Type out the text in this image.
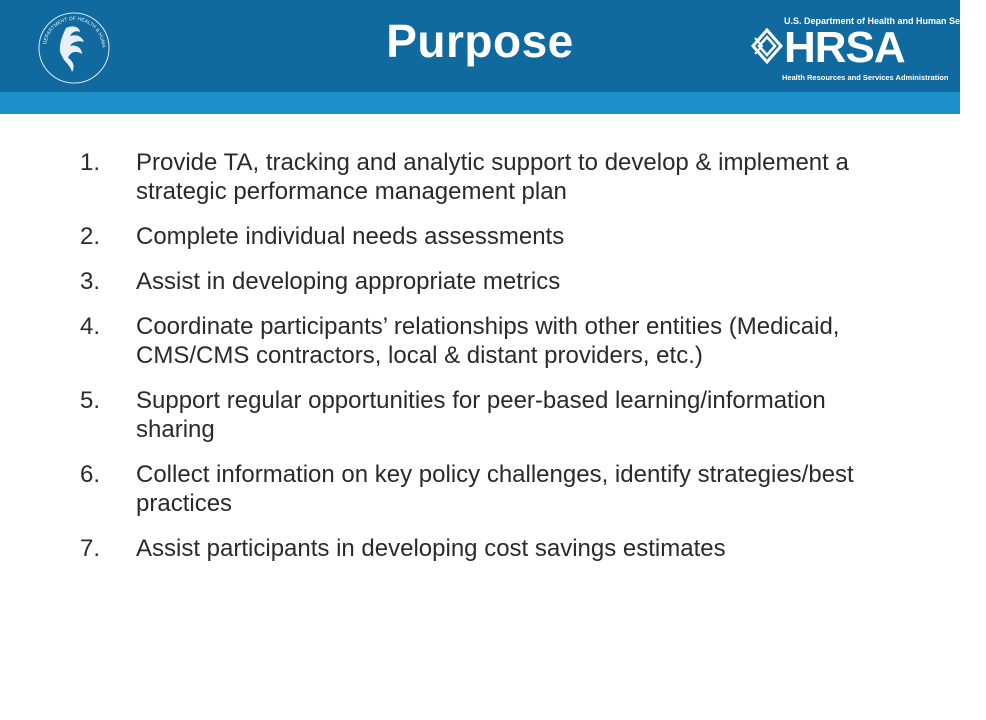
DEPARTMENT OF HEALTH & HUMA	Purpose	U.S. Department of Health and Human Services
HRSA
Health Resources and Services Administration
1.	Provide TA, tracking and analytic support to develop & implement a strategic performance management plan
2.	Complete individual needs assessments
3.	Assist in developing appropriate metrics
4.	Coordinate participants’ relationships with other entities (Medicaid, CMS/CMS contractors, local & distant providers, etc.)
5.	Support regular opportunities for peer-based learning/information sharing
6.	Collect information on key policy challenges, identify strategies/best practices
7.	Assist participants in developing cost savings estimates
